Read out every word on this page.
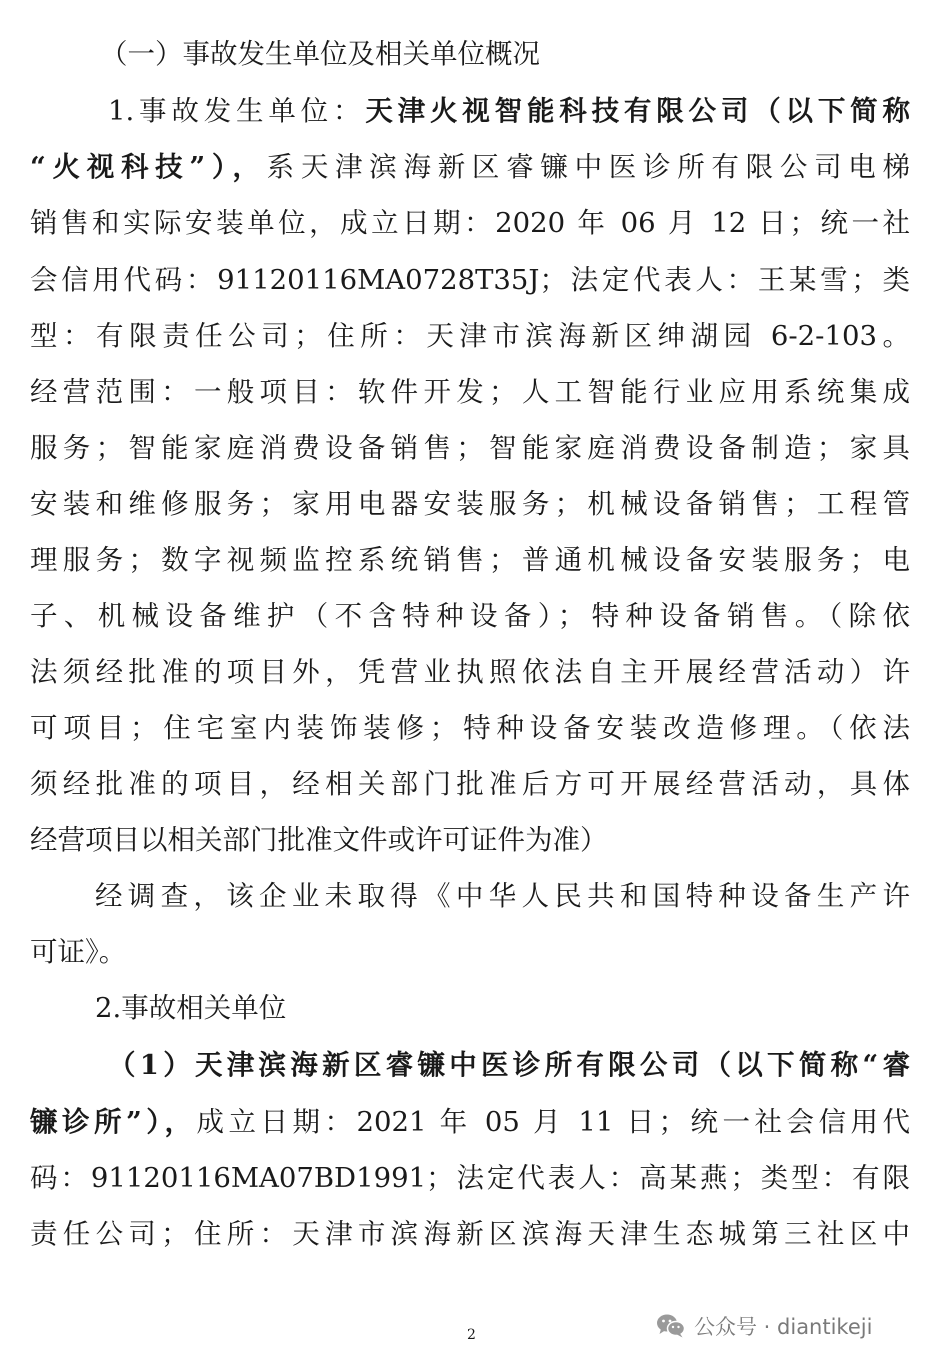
（一）事故发生单位及相关单位概况
1.事故发生单位：天津火视智能科技有限公司（以下简称
“火视科技”），系天津滨海新区睿镰中医诊所有限公司电梯
销售和实际安装单位，成立日期：2020 年 06 月 12 日；统一社
会信用代码：91120116MA0728T35J；法定代表人：王某雪；类
型：有限责任公司；住所：天津市滨海新区绅湖园 6-2-103。
经营范围：一般项目：软件开发；人工智能行业应用系统集成
服务；智能家庭消费设备销售；智能家庭消费设备制造；家具
安装和维修服务；家用电器安装服务；机械设备销售；工程管
理服务；数字视频监控系统销售；普通机械设备安装服务；电
子、机械设备维护（不含特种设备）；特种设备销售。（除依
法须经批准的项目外，凭营业执照依法自主开展经营活动）许
可项目；住宅室内装饰装修；特种设备安装改造修理。（依法
须经批准的项目，经相关部门批准后方可开展经营活动，具体
经营项目以相关部门批准文件或许可证件为准）
经调查，该企业未取得《中华人民共和国特种设备生产许
可证》。
2.事故相关单位
（1）天津滨海新区睿镰中医诊所有限公司（以下简称“睿
镰诊所”），成立日期：2021 年 05 月 11 日；统一社会信用代
码：91120116MA07BD1991；法定代表人：高某燕；类型：有限
责任公司；住所：天津市滨海新区滨海天津生态城第三社区中
2	公众号 · diantikeji
